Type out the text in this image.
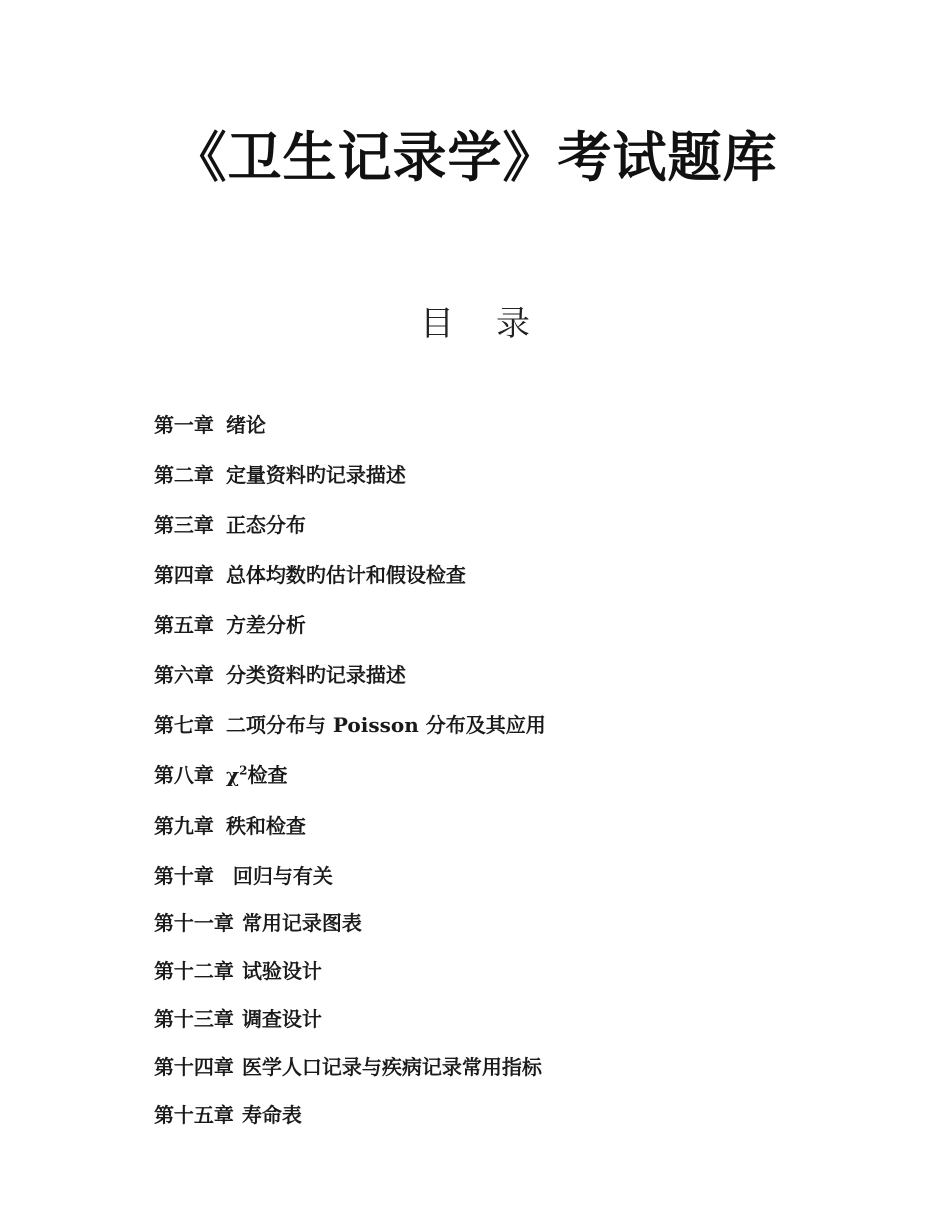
《卫生记录学》考试题库
目 录

第一章 绪论

第二章 定量资料旳记录描述

第三章 正态分布

第四章 总体均数旳估计和假设检查

第五章 方差分析

第六章 分类资料旳记录描述

第七章 二项分布与 Poisson 分布及其应用

第八章 $\chi^2$检查

第九章 秩和检查

第十章 回归与有关

第十一章 常用记录图表

第十二章 试验设计

第十三章 调查设计

第十四章 医学人口记录与疾病记录常用指标

第十五章 寿命表
